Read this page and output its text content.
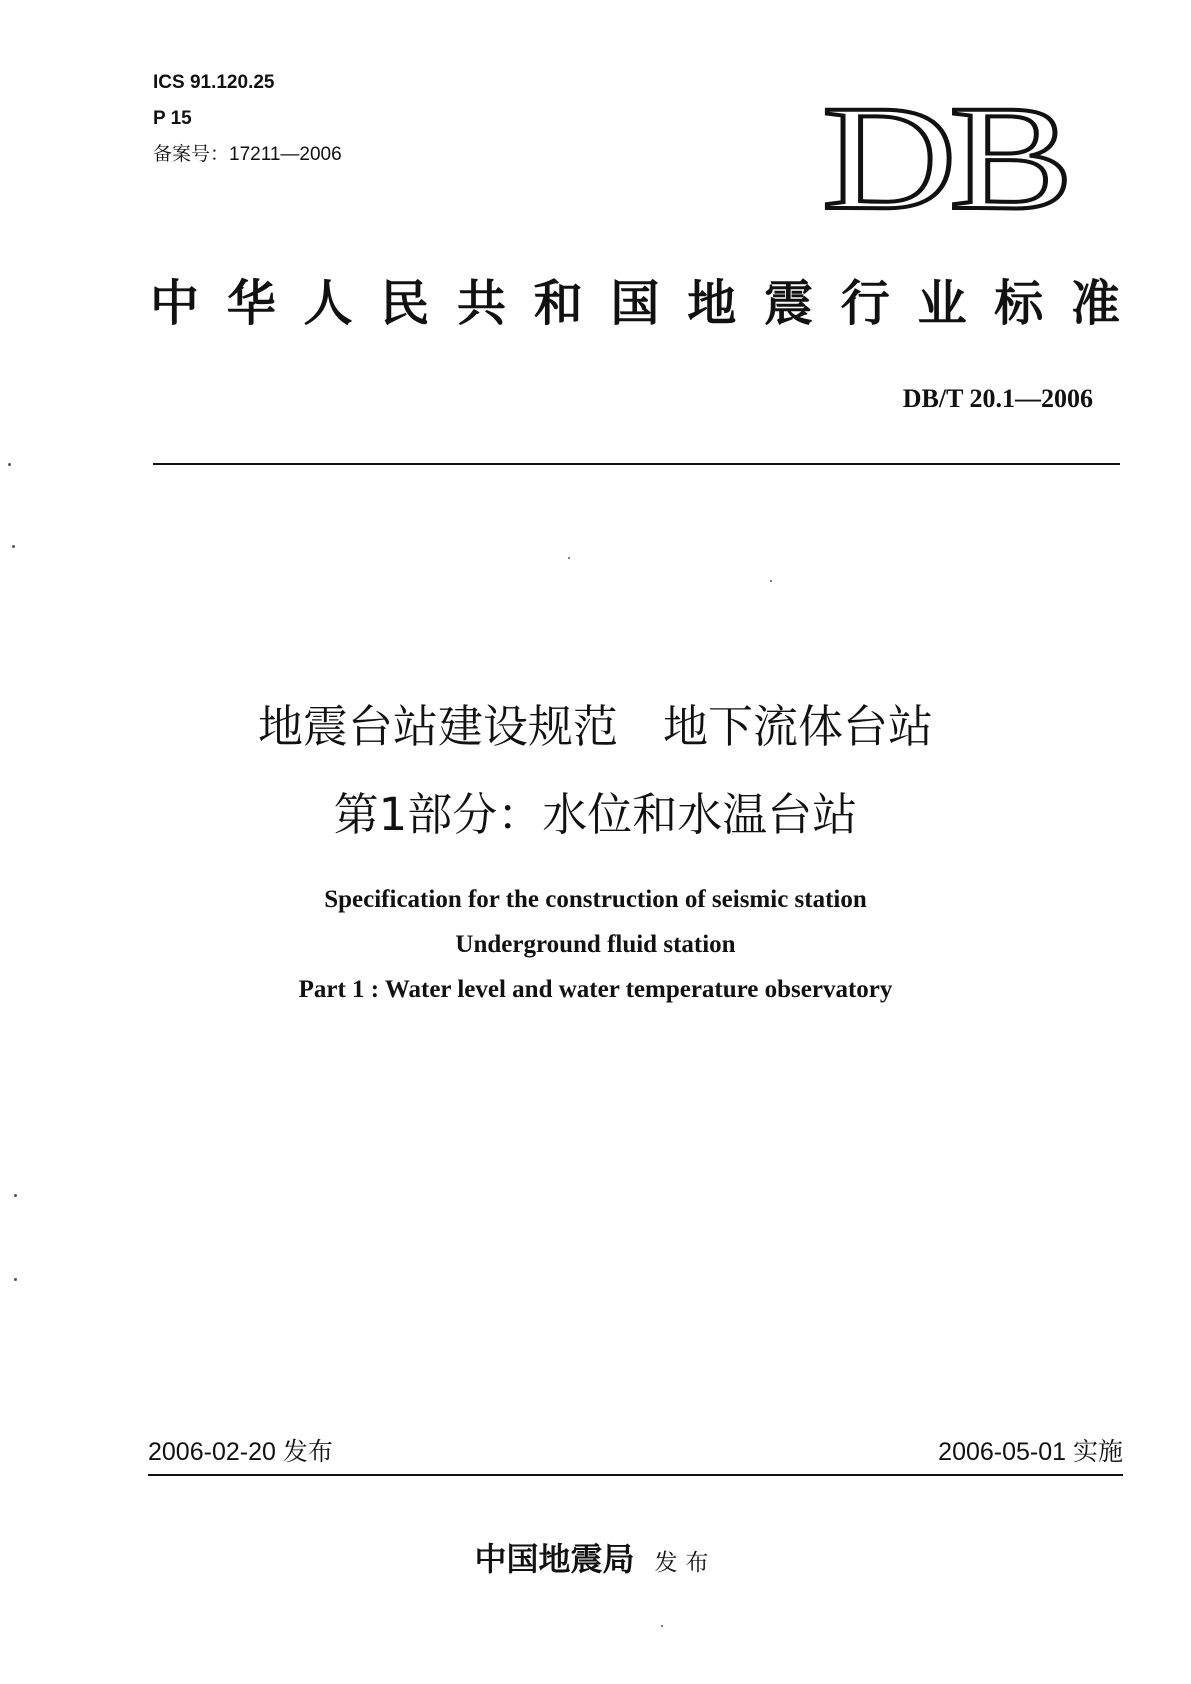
ICS 91.120.25
P 15
备案号：17211—2006	DB
中华人民共和国地震行业标准
DB/T 20.1—2006
地震台站建设规范　地下流体台站
第1部分：水位和水温台站
Specification for the construction of seismic station
Underground fluid station
Part 1 : Water level and water temperature observatory
2006-02-20 发布	2006-05-01 实施
中国地震局 发布
